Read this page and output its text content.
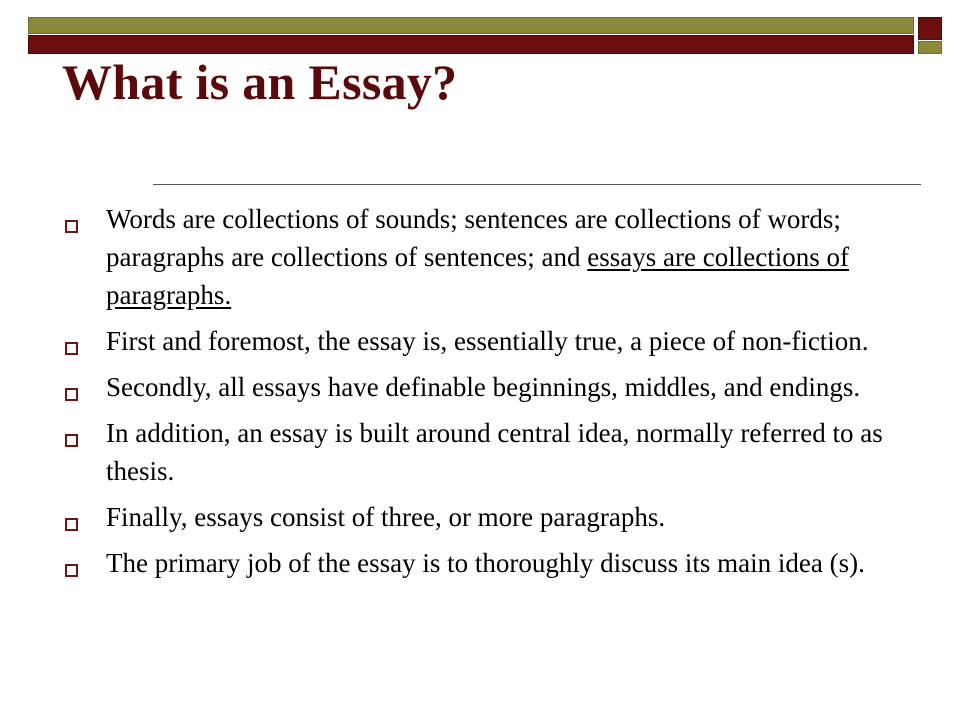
What is an Essay?
Words are collections of sounds; sentences are collections of words; paragraphs are collections of sentences; and essays are collections of paragraphs.
First and foremost, the essay is, essentially true, a piece of non-fiction.
Secondly, all essays have definable beginnings, middles, and endings.
In addition, an essay is built around central idea, normally referred to as thesis.
Finally, essays consist of three, or more paragraphs.
The primary job of the essay is to thoroughly discuss its main idea (s).
